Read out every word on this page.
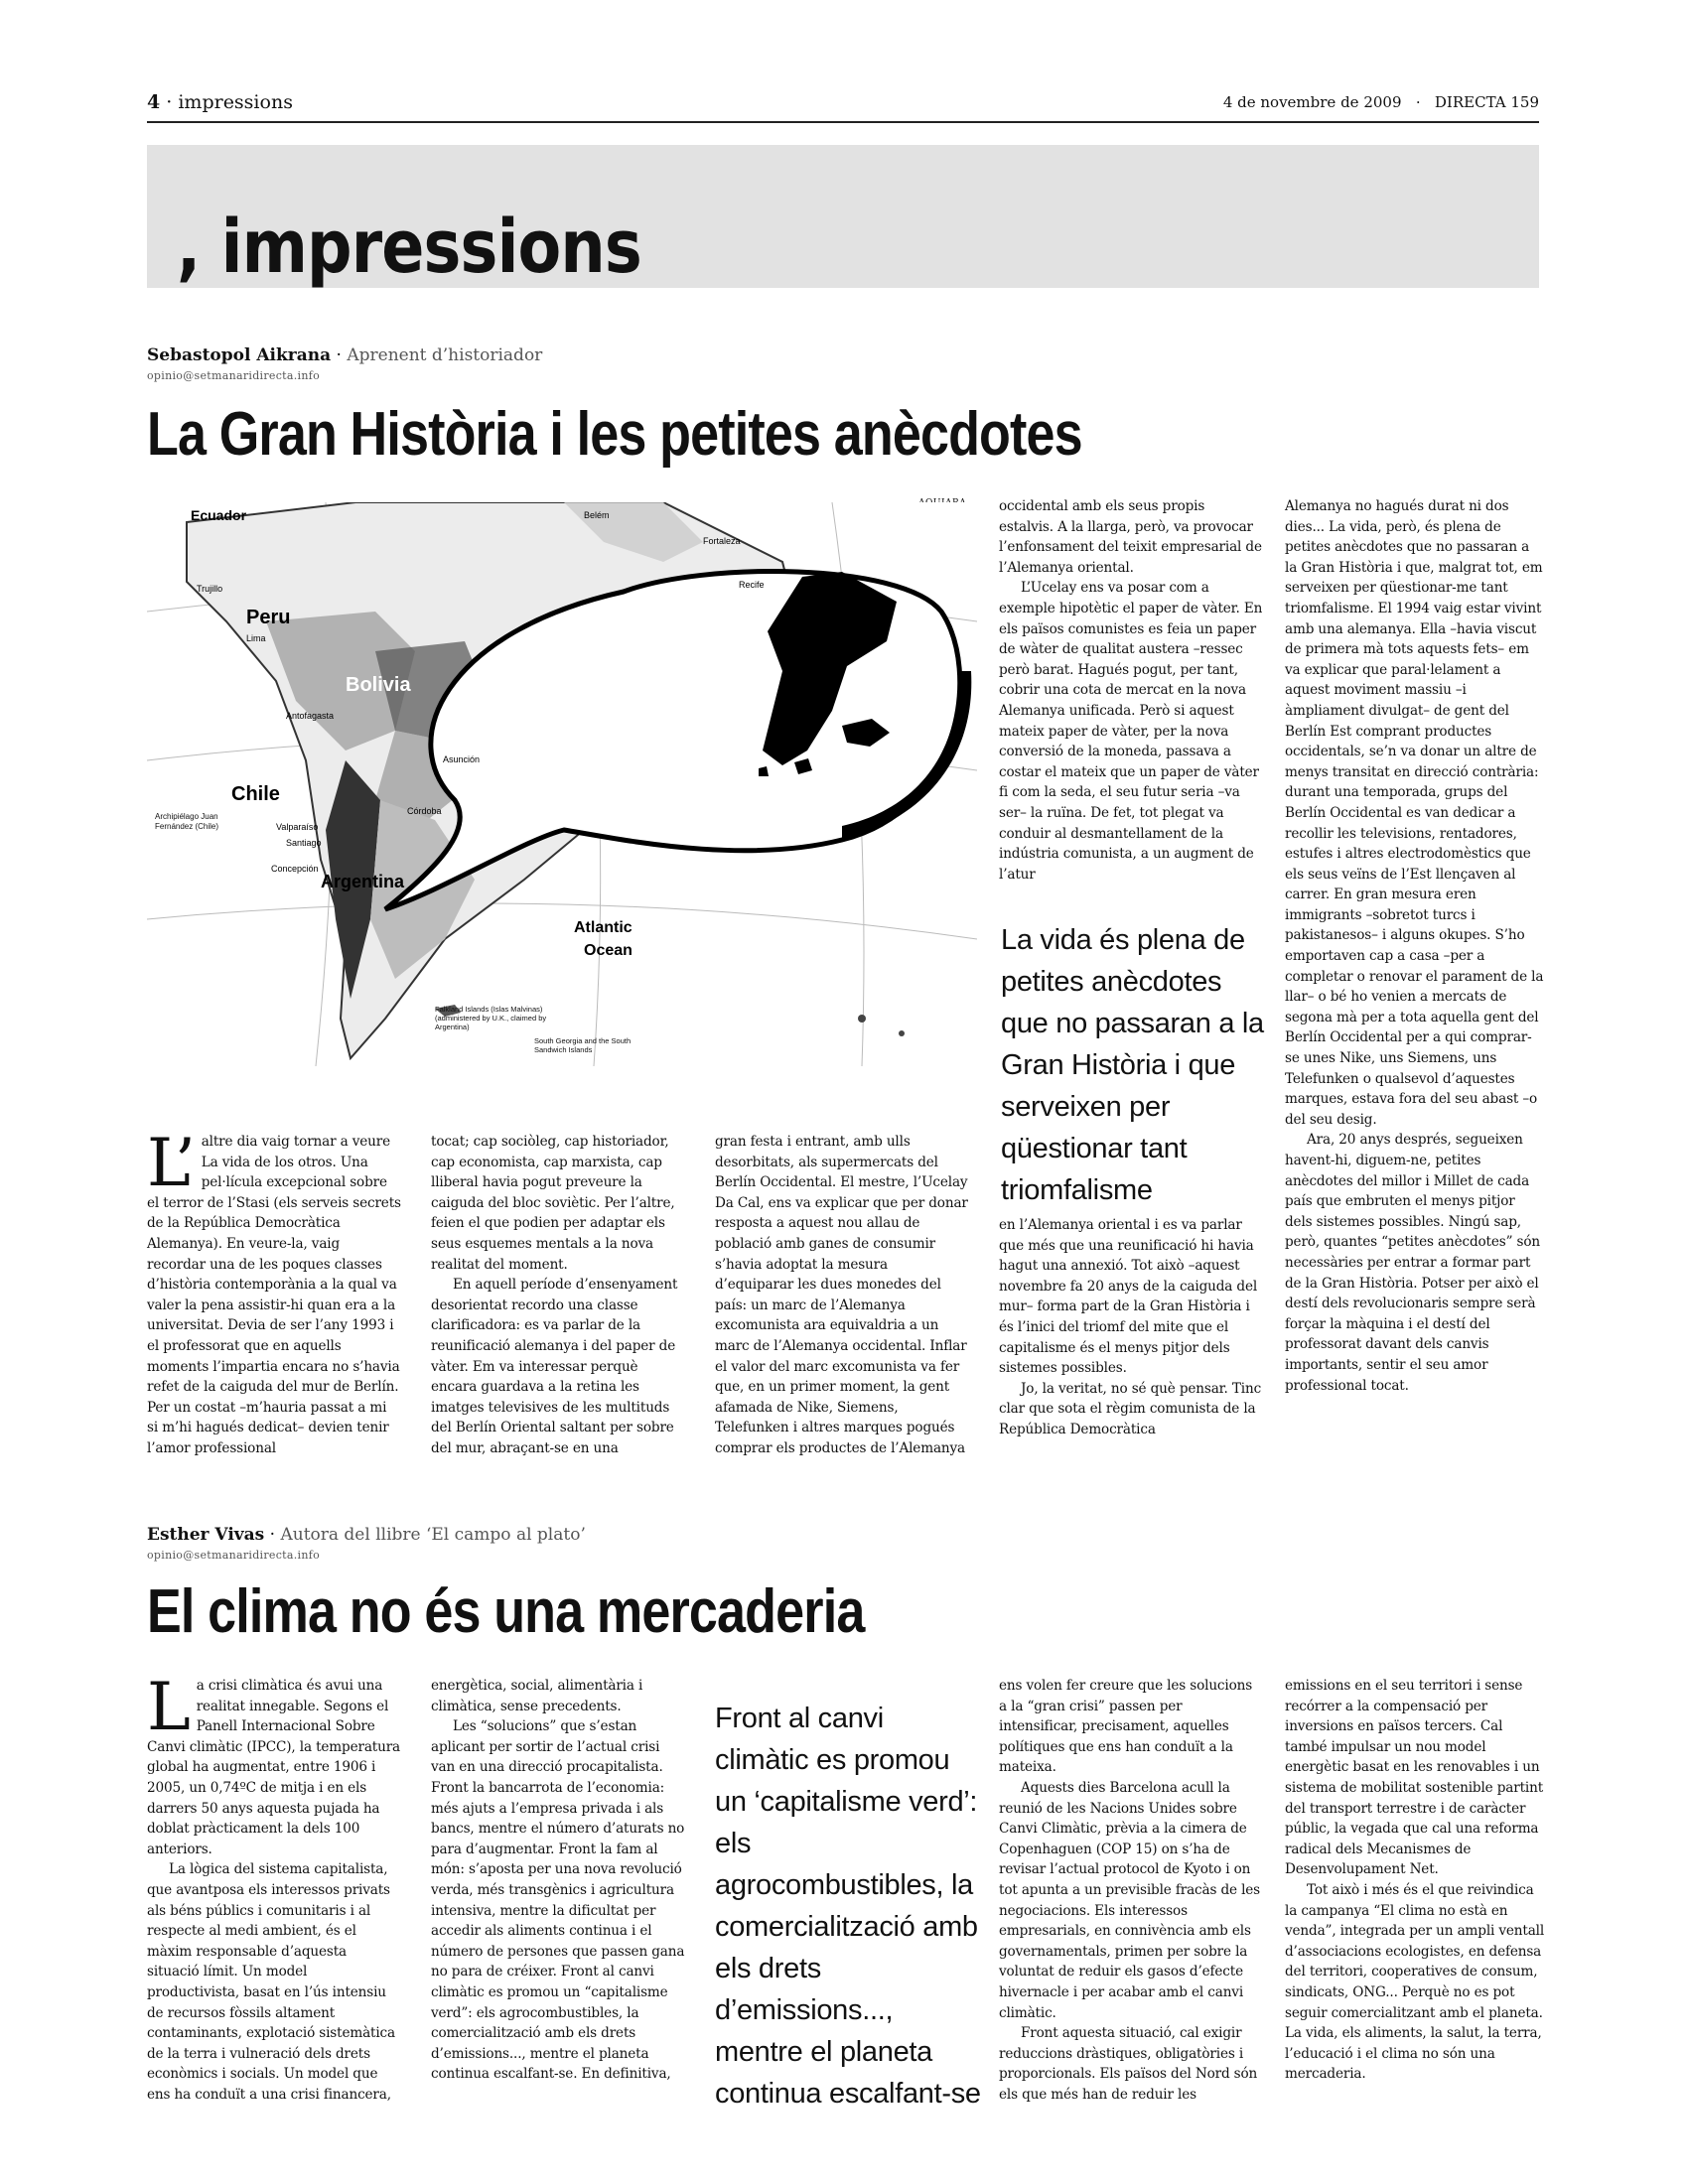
4 · impressions	4 de novembre de 2009 · DIRECTA 159
, impressions
Sebastopol Aikrana · Aprenent d’historiador
opinio@setmanaridirecta.info
La Gran Història i les petites anècdotes
Ecuador
Peru
Bolivia
Chile
Argentina
Atlantic
Ocean
Lima
Trujillo
Antofagasta
Córdoba
Valparaíso
Santiago
Concepción
Asunción
Fortaleza
Recife
Belém
Archipiélago Juan Fernández (Chile)
Falkland Islands (Islas Malvinas) (administered by U.K., claimed by Argentina)
South Georgia and the South Sandwich Islands

L’ altre dia vaig tornar a veure La vida de los otros. Una pel·lícula excepcional sobre el terror de l’Stasi (els serveis secrets de la República Democràtica Alemanya). En veure-la, vaig recordar una de les poques classes d’història contemporània a la qual va valer la pena assistir-hi quan era a la universitat. Devia de ser l’any 1993 i el professorat que en aquells moments l’impartia encara no s’havia refet de la caiguda del mur de Berlín. Per un costat –m’hauria passat a mi si m’hi hagués dedicat– devien tenir l’amor professional

tocat; cap sociòleg, cap historiador, cap economista, cap marxista, cap lliberal havia pogut preveure la caiguda del bloc soviètic. Per l’altre, feien el que podien per adaptar els seus esquemes mentals a la nova realitat del moment.

En aquell període d’ensenyament desorientat recordo una classe clarificadora: es va parlar de la reunificació alemanya i del paper de vàter. Em va interessar perquè encara guardava a la retina les imatges televisives de les multituds del Berlín Oriental saltant per sobre del mur, abraçant-se en una

gran festa i entrant, amb ulls desorbitats, als supermercats del Berlín Occidental. El mestre, l’Ucelay Da Cal, ens va explicar que per donar resposta a aquest nou allau de població amb ganes de consumir s’havia adoptat la mesura d’equiparar les dues monedes del país: un marc de l’Alemanya excomunista ara equivaldria a un marc de l’Alemanya occidental. Inflar el valor del marc excomunista va fer que, en un primer moment, la gent afamada de Nike, Siemens, Telefunken i altres marques pogués comprar els productes de l’Alemanya

occidental amb els seus propis estalvis. A la llarga, però, va provocar l’enfonsament del teixit empresarial de l’Alemanya oriental.

L’Ucelay ens va posar com a exemple hipotètic el paper de vàter. En els països comunistes es feia un paper de wàter de qualitat austera –ressec però barat. Hagués pogut, per tant, cobrir una cota de mercat en la nova Alemanya unificada. Però si aquest mateix paper de vàter, per la nova conversió de la moneda, passava a costar el mateix que un paper de vàter fi com la seda, el seu futur seria –va ser– la ruïna. De fet, tot plegat va conduir al desmantellament de la indústria comunista, a un augment de l’atur

La vida és plena de petites anècdotes que no passaran a la Gran Història i que serveixen per qüestionar tant triomfalisme

en l’Alemanya oriental i es va parlar que més que una reunificació hi havia hagut una annexió. Tot això –aquest novembre fa 20 anys de la caiguda del mur– forma part de la Gran Història i és l’inici del triomf del mite que el capitalisme és el menys pitjor dels sistemes possibles.

Jo, la veritat, no sé què pensar. Tinc clar que sota el règim comunista de la República Democràtica

Alemanya no hagués durat ni dos dies... La vida, però, és plena de petites anècdotes que no passaran a la Gran Història i que, malgrat tot, em serveixen per qüestionar-me tant triomfalisme. El 1994 vaig estar vivint amb una alemanya. Ella –havia viscut de primera mà tots aquests fets– em va explicar que paral·lelament a aquest moviment massiu –i àmpliament divulgat– de gent del Berlín Est comprant productes occidentals, se’n va donar un altre de menys transitat en direcció contrària: durant una temporada, grups del Berlín Occidental es van dedicar a recollir les televisions, rentadores, estufes i altres electrodomèstics que els seus veïns de l’Est llençaven al carrer. En gran mesura eren immigrants –sobretot turcs i pakistanesos– i alguns okupes. S’ho emportaven cap a casa –per a completar o renovar el parament de la llar– o bé ho venien a mercats de segona mà per a tota aquella gent del Berlín Occidental per a qui comprar-se unes Nike, uns Siemens, uns Telefunken o qualsevol d’aquestes marques, estava fora del seu abast –o del seu desig.

Ara, 20 anys després, segueixen havent-hi, diguem-ne, petites anècdotes del millor i Millet de cada país que embruten el menys pitjor dels sistemes possibles. Ningú sap, però, quantes “petites anècdotes” són necessàries per entrar a formar part de la Gran Història. Potser per això el destí dels revolucionaris sempre serà forçar la màquina i el destí del professorat davant dels canvis importants, sentir el seu amor professional tocat.

Esther Vivas · Autora del llibre ‘El campo al plato’
opinio@setmanaridirecta.info
El clima no és una mercaderia

La crisi climàtica és avui una realitat innegable. Segons el Panell Internacional Sobre Canvi climàtic (IPCC), la temperatura global ha augmentat, entre 1906 i 2005, un 0,74ºC de mitja i en els darrers 50 anys aquesta pujada ha doblat pràcticament la dels 100 anteriors.

La lògica del sistema capitalista, que avantposa els interessos privats als béns públics i comunitaris i al respecte al medi ambient, és el màxim responsable d’aquesta situació límit. Un model productivista, basat en l’ús intensiu de recursos fòssils altament contaminants, explotació sistemàtica de la terra i vulneració dels drets econòmics i socials. Un model que ens ha conduït a una crisi financera,

energètica, social, alimentària i climàtica, sense precedents.

Les “solucions” que s’estan aplicant per sortir de l’actual crisi van en una direcció procapitalista. Front la bancarrota de l’economia: més ajuts a l’empresa privada i als bancs, mentre el número d’aturats no para d’augmentar. Front la fam al món: s’aposta per una nova revolució verda, més transgènics i agricultura intensiva, mentre la dificultat per accedir als aliments continua i el número de persones que passen gana no para de créixer. Front al canvi climàtic es promou un “capitalisme verd”: els agrocombustibles, la comercialització amb els drets d’emissions..., mentre el planeta continua escalfant-se. En definitiva,

Front al canvi climàtic es promou un ‘capitalisme verd’: els agrocombustibles, la comercialització amb els drets d’emissions..., mentre el planeta continua escalfant-se

ens volen fer creure que les solucions a la “gran crisi” passen per intensificar, precisament, aquelles polítiques que ens han conduït a la mateixa.

Aquests dies Barcelona acull la reunió de les Nacions Unides sobre Canvi Climàtic, prèvia a la cimera de Copenhaguen (COP 15) on s’ha de revisar l’actual protocol de Kyoto i on tot apunta a un previsible fracàs de les negociacions. Els interessos empresarials, en connivència amb els governamentals, primen per sobre la voluntat de reduir els gasos d’efecte hivernacle i per acabar amb el canvi climàtic.

Front aquesta situació, cal exigir reduccions dràstiques, obligatòries i proporcionals. Els països del Nord són els que més han de reduir les

emissions en el seu territori i sense recórrer a la compensació per inversions en països tercers. Cal també impulsar un nou model energètic basat en les renovables i un sistema de mobilitat sostenible partint del transport terrestre i de caràcter públic, la vegada que cal una reforma radical dels Mecanismes de Desenvolupament Net.

Tot això i més és el que reivindica la campanya “El clima no està en venda”, integrada per un ampli ventall d’associacions ecologistes, en defensa del territori, cooperatives de consum, sindicats, ONG... Perquè no es pot seguir comercialitzant amb el planeta. La vida, els aliments, la salut, la terra, l’educació i el clima no són una mercaderia.
